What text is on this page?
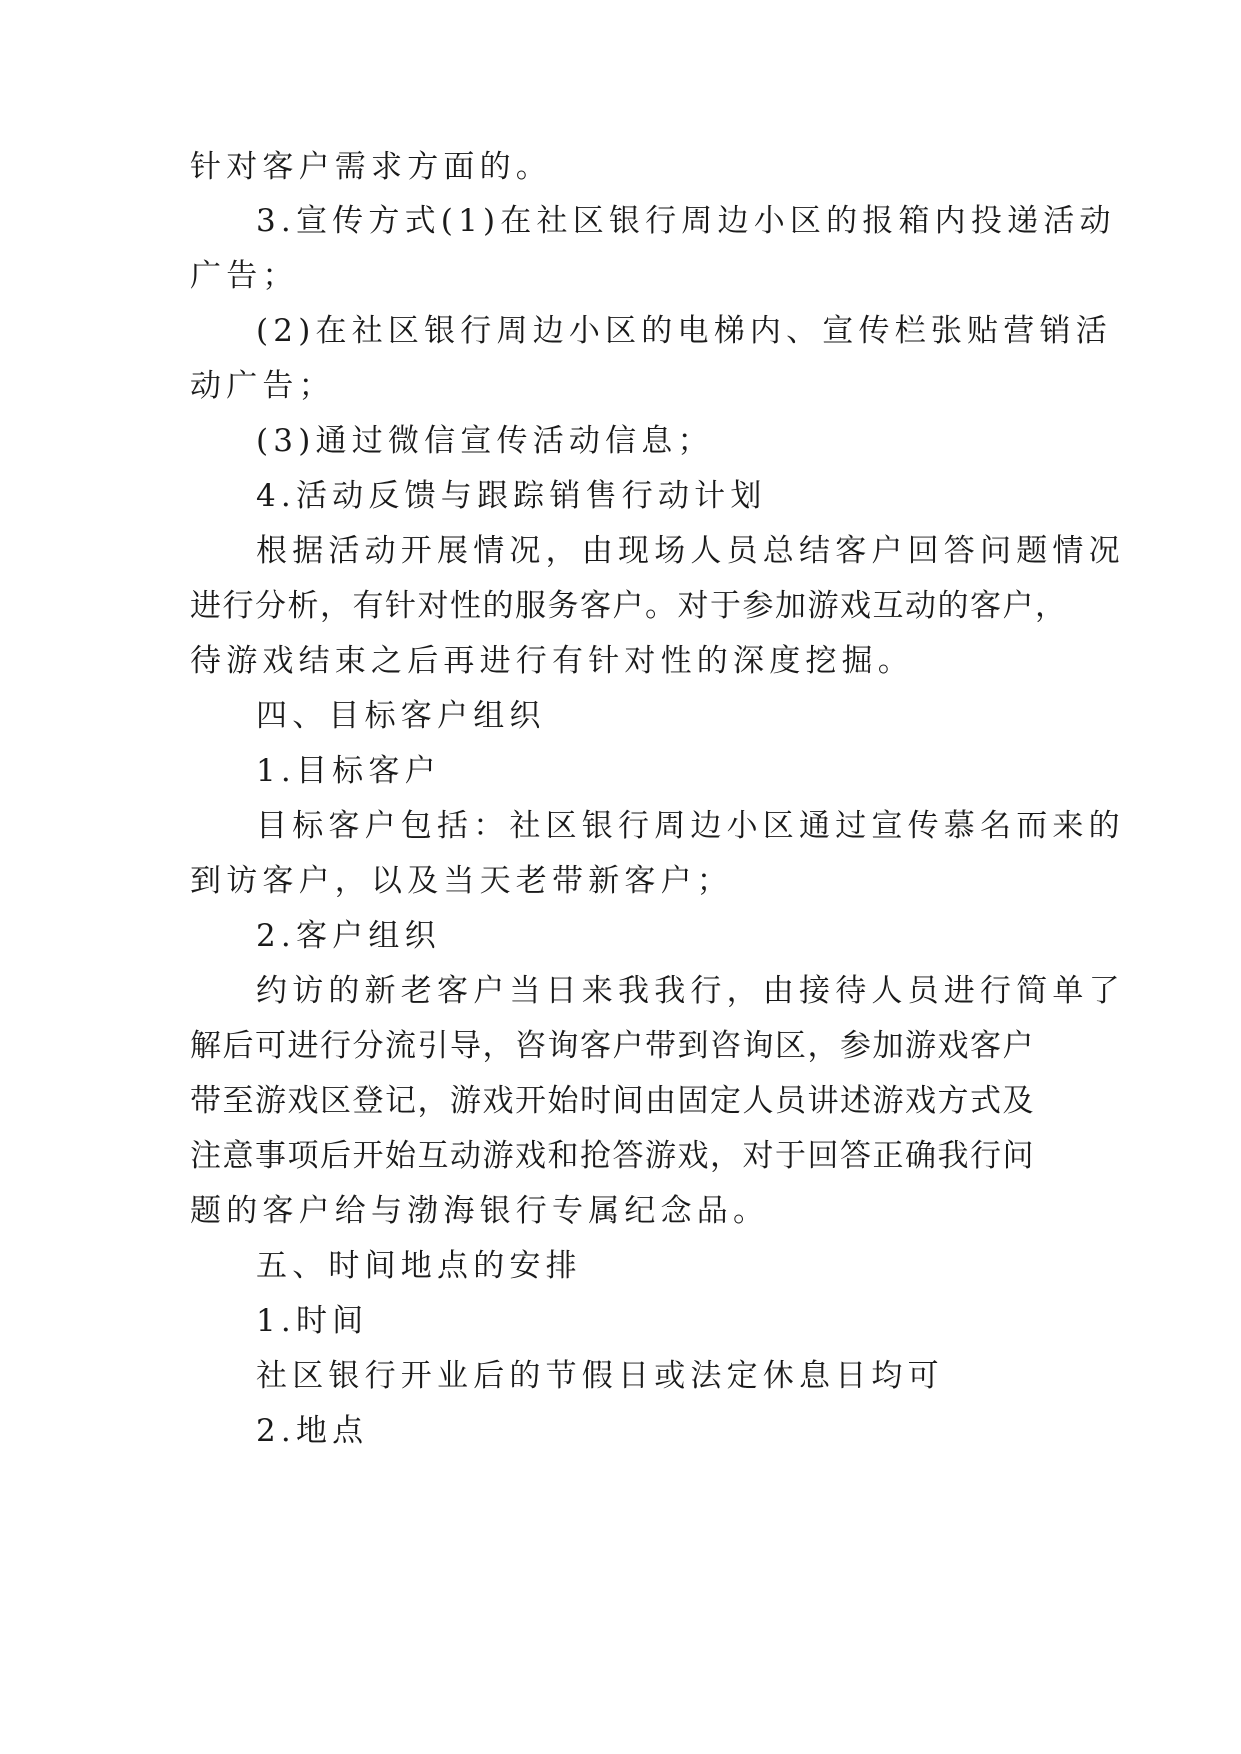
针对客户需求方面的。

3.宣传方式(1)在社区银行周边小区的报箱内投递活动

广告；

(2)在社区银行周边小区的电梯内、宣传栏张贴营销活

动广告；

(3)通过微信宣传活动信息；

4.活动反馈与跟踪销售行动计划

根据活动开展情况，由现场人员总结客户回答问题情况

进行分析，有针对性的服务客户。对于参加游戏互动的客户，

待游戏结束之后再进行有针对性的深度挖掘。

四、目标客户组织

1.目标客户

目标客户包括：社区银行周边小区通过宣传慕名而来的

到访客户，以及当天老带新客户；

2.客户组织

约访的新老客户当日来我我行，由接待人员进行简单了

解后可进行分流引导，咨询客户带到咨询区，参加游戏客户

带至游戏区登记，游戏开始时间由固定人员讲述游戏方式及

注意事项后开始互动游戏和抢答游戏，对于回答正确我行问

题的客户给与渤海银行专属纪念品。

五、时间地点的安排

1.时间

社区银行开业后的节假日或法定休息日均可

2.地点
